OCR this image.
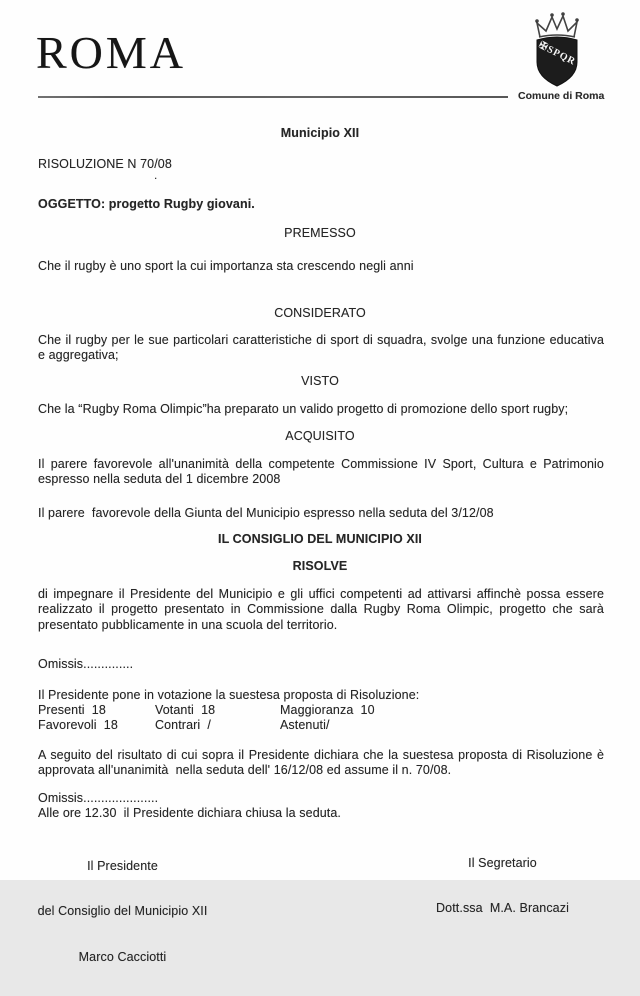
ROMA
Comune di Roma
✠SPQR
Municipio XII
RISOLUZIONE N 70/08
.
OGGETTO: progetto Rugby giovani.
PREMESSO
Che il rugby è uno sport la cui importanza sta crescendo negli anni
CONSIDERATO
Che il rugby per le sue particolari caratteristiche di sport di squadra, svolge una funzione educativa e aggregativa;
VISTO
Che la “Rugby Roma Olimpic”ha preparato un valido progetto di promozione dello sport rugby;
ACQUISITO
Il parere favorevole all'unanimità della competente Commissione IV Sport, Cultura e Patrimonio espresso nella seduta del 1 dicembre 2008
Il parere  favorevole della Giunta del Municipio espresso nella seduta del 3/12/08
IL CONSIGLIO DEL MUNICIPIO XII
RISOLVE
di impegnare il Presidente del Municipio e gli uffici competenti ad attivarsi affinchè possa essere realizzato il progetto presentato in Commissione dalla Rugby Roma Olimpic, progetto che sarà presentato pubblicamente in una scuola del territorio.
Omissis..............
Il Presidente pone in votazione la suestesa proposta di Risoluzione:
Presenti  18	Votanti  18	Maggioranza  10
Favorevoli  18	Contrari  /	Astenuti/
A seguito del risultato di cui sopra il Presidente dichiara che la suestesa proposta di Risoluzione è approvata all'unanimità  nella seduta dell' 16/12/08 ed assume il n. 70/08.
Omissis.....................
Alle ore 12.30  il Presidente dichiara chiusa la seduta.

Il Presidente

del Consiglio del Municipio XII

Marco Cacciotti

Il Segretario

Dott.ssa  M.A. Brancazi
